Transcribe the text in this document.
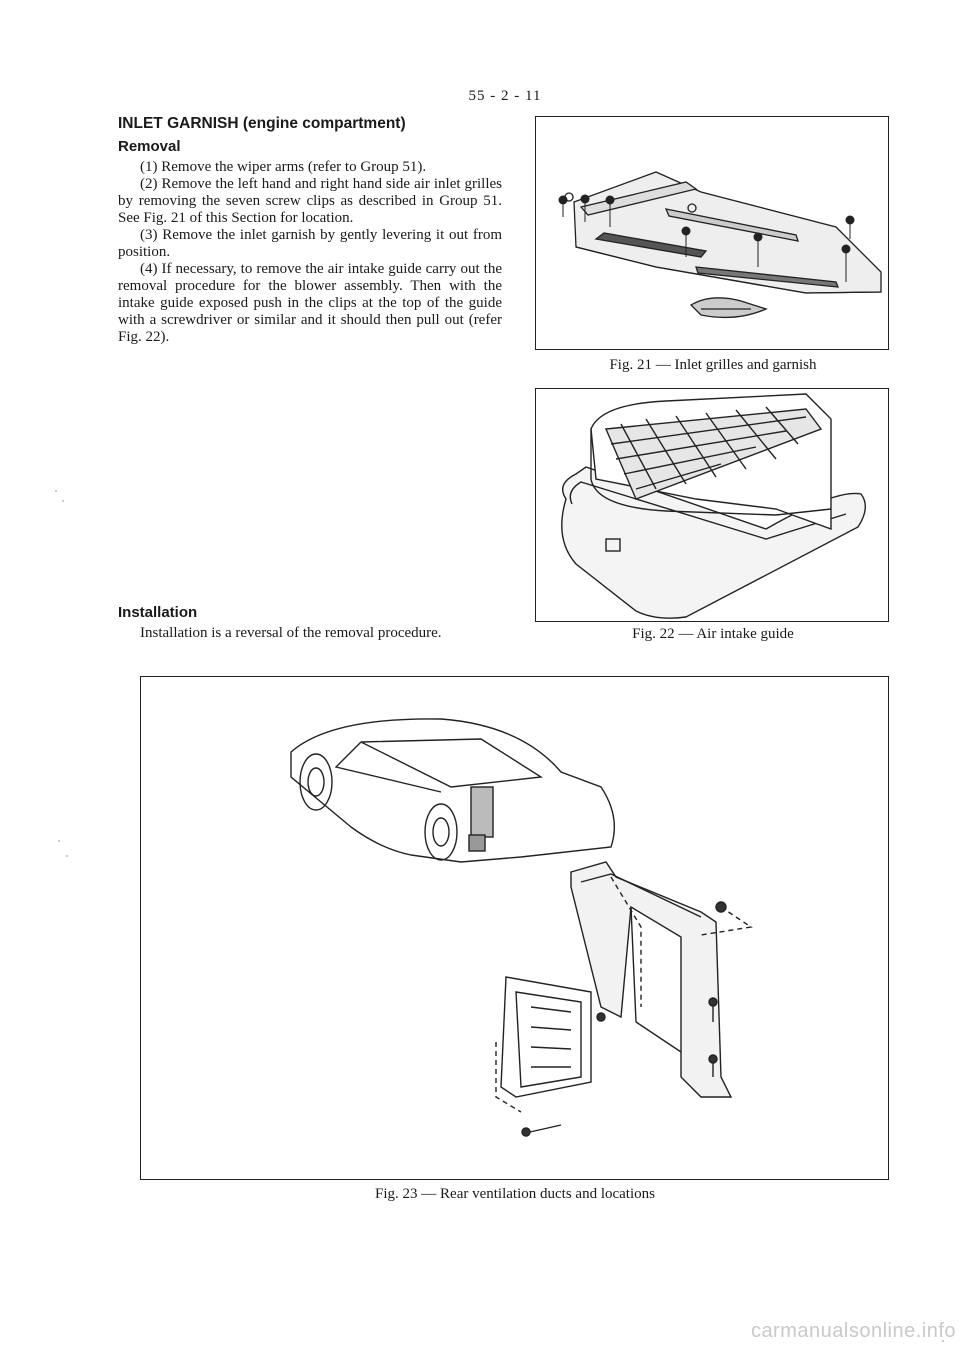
55 - 2 - 11
INLET GARNISH (engine compartment)
Removal

(1) Remove the wiper arms (refer to Group 51).

(2) Remove the left hand and right hand side air inlet grilles by removing the seven screw clips as described in Group 51. See Fig. 21 of this Section for location.

(3) Remove the inlet garnish by gently levering it out from position.

(4) If necessary, to remove the air intake guide carry out the removal procedure for the blower assembly. Then with the intake guide exposed push in the clips at the top of the guide with a screwdriver or similar and it should then pull out (refer Fig. 22).

Installation
Installation is a reversal of the removal procedure.
Fig. 21 — Inlet grilles and garnish
Fig. 22 — Air intake guide
Fig. 23 — Rear ventilation ducts and locations
carmanualsonline.info
